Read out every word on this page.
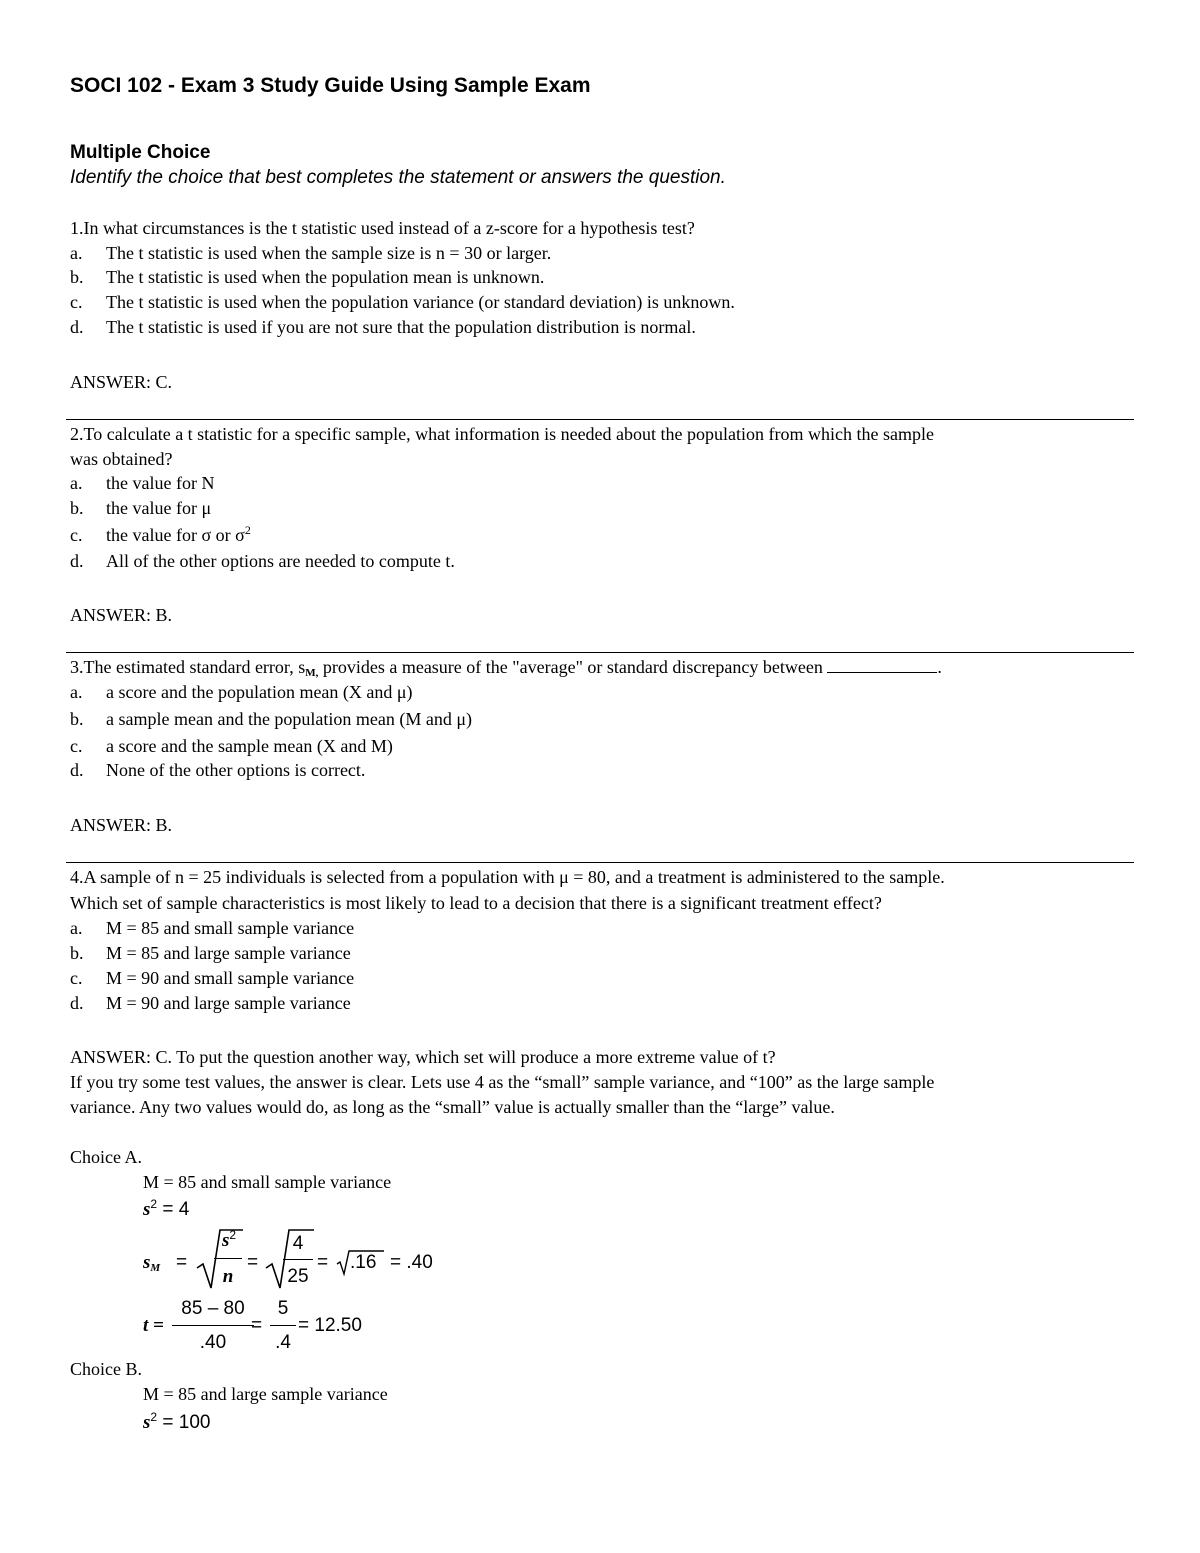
SOCI 102 - Exam 3 Study Guide Using Sample Exam
Multiple Choice
Identify the choice that best completes the statement or answers the question.
1.In what circumstances is the t statistic used instead of a z-score for a hypothesis test?
a. The t statistic is used when the sample size is n = 30 or larger.
b. The t statistic is used when the population mean is unknown.
c. The t statistic is used when the population variance (or standard deviation) is unknown.
d. The t statistic is used if you are not sure that the population distribution is normal.
ANSWER: C.
2.To calculate a t statistic for a specific sample, what information is needed about the population from which the sample
was obtained?
a. the value for N
b. the value for μ
c. the value for σ or $\sigma^2$
d. All of the other options are needed to compute t.
ANSWER: B.
3.The estimated standard error, $s_{M,}$ provides a measure of the "average" or standard discrepancy between	.
a. a score and the population mean (X and μ)
b. a sample mean and the population mean (M and μ)
c. a score and the sample mean (X and M)
d. None of the other options is correct.
ANSWER: B.
4.A sample of n = 25 individuals is selected from a population with μ = 80, and a treatment is administered to the sample.
Which set of sample characteristics is most likely to lead to a decision that there is a significant treatment effect?
a. M = 85 and small sample variance
b. M = 85 and large sample variance
c. M = 90 and small sample variance
d. M = 90 and large sample variance
ANSWER: C. To put the question another way, which set will produce a more extreme value of t?
If you try some test values, the answer is clear. Lets use 4 as the “small” sample variance, and “100” as the large sample
variance. Any two values would do, as long as the “small” value is actually smaller than the “large” value.
Choice A.
M = 85 and small sample variance
$s^2 = 4$
$s_M$ =
$s^2$
n
=
4
25
= .16 = .40
t =
85 – 80
.40
=
5
.4
= 12.50
Choice B.
M = 85 and large sample variance
$s^2 = 100$
